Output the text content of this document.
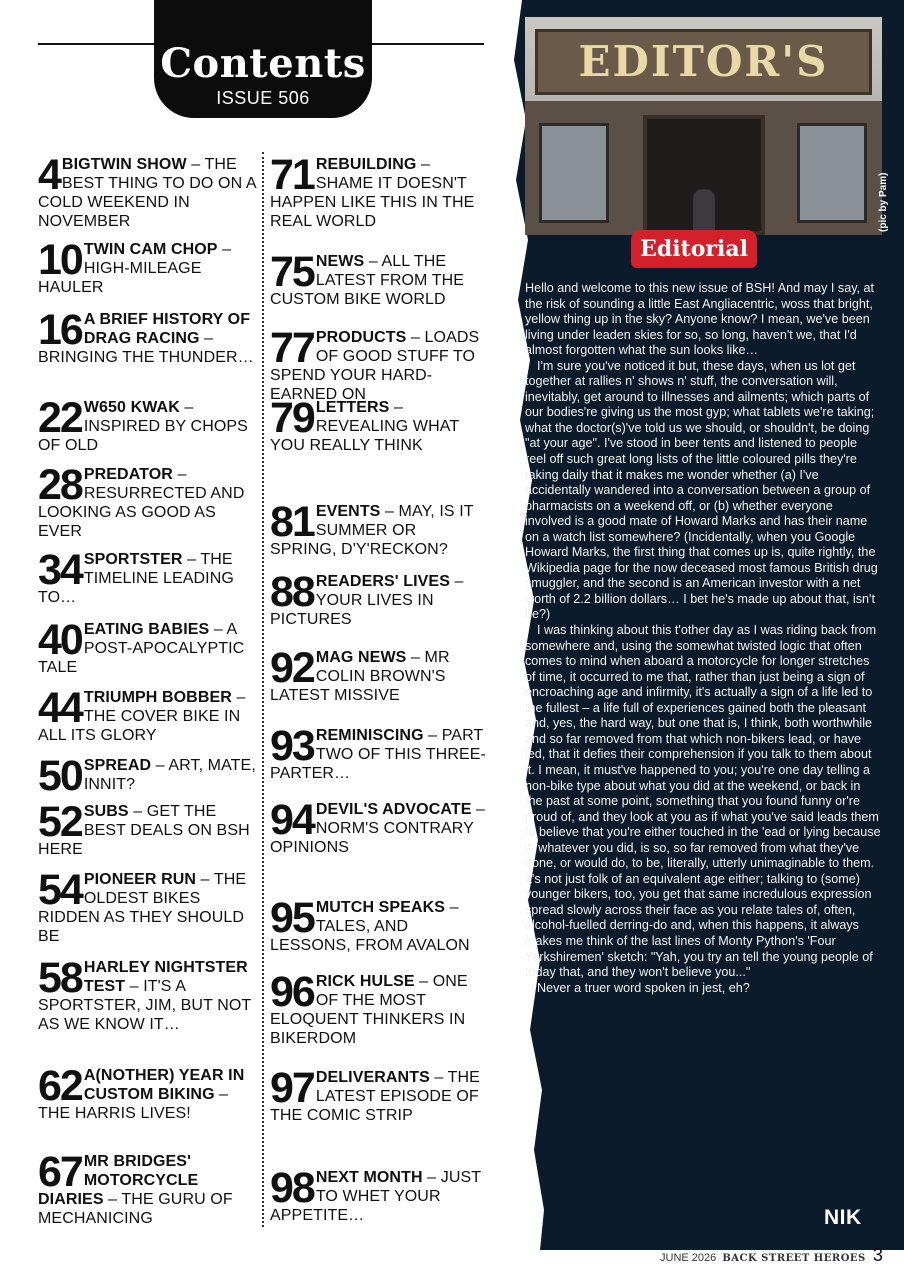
Contents
ISSUE 506
4 BIGTWIN SHOW – THE BEST THING TO DO ON A COLD WEEKEND IN NOVEMBER
10 TWIN CAM CHOP – HIGH-MILEAGE HAULER
16 A BRIEF HISTORY OF DRAG RACING – BRINGING THE THUNDER…
22 W650 KWAK – INSPIRED BY CHOPS OF OLD
28 PREDATOR – RESURRECTED AND LOOKING AS GOOD AS EVER
34 SPORTSTER – THE TIMELINE LEADING TO…
40 EATING BABIES – A POST-APOCALYPTIC TALE
44 TRIUMPH BOBBER – THE COVER BIKE IN ALL ITS GLORY
50 SPREAD – ART, MATE, INNIT?
52 SUBS – GET THE BEST DEALS ON BSH HERE
54 PIONEER RUN – THE OLDEST BIKES RIDDEN AS THEY SHOULD BE
58 HARLEY NIGHTSTER TEST – IT'S A SPORTSTER, JIM, BUT NOT AS WE KNOW IT…
62 A(NOTHER) YEAR IN CUSTOM BIKING – THE HARRIS LIVES!
67 MR BRIDGES' MOTORCYCLE DIARIES – THE GURU OF MECHANICING
71 REBUILDING – SHAME IT DOESN'T HAPPEN LIKE THIS IN THE REAL WORLD
75 NEWS – ALL THE LATEST FROM THE CUSTOM BIKE WORLD
77 PRODUCTS – LOADS OF GOOD STUFF TO SPEND YOUR HARD-EARNED ON
79 LETTERS – REVEALING WHAT YOU REALLY THINK
81 EVENTS – MAY, IS IT SUMMER OR SPRING, D'Y'RECKON?
88 READERS' LIVES – YOUR LIVES IN PICTURES
92 MAG NEWS – MR COLIN BROWN'S LATEST MISSIVE
93 REMINISCING – PART TWO OF THIS THREE-PARTER…
94 DEVIL'S ADVOCATE – NORM'S CONTRARY OPINIONS
95 MUTCH SPEAKS – TALES, AND LESSONS, FROM AVALON
96 RICK HULSE – ONE OF THE MOST ELOQUENT THINKERS IN BIKERDOM
97 DELIVERANTS – THE LATEST EPISODE OF THE COMIC STRIP
98 NEXT MONTH – JUST TO WHET YOUR APPETITE…
EDITOR'S
(pic by Pam)
Editorial

Hello and welcome to this new issue of BSH! And may I say, at the risk of sounding a little East Angliacentric, woss that bright, yellow thing up in the sky? Anyone know? I mean, we've been living under leaden skies for so, so long, haven't we, that I'd almost forgotten what the sun looks like…

I'm sure you've noticed it but, these days, when us lot get together at rallies n' shows n' stuff, the conversation will, inevitably, get around to illnesses and ailments; which parts of our bodies're giving us the most gyp; what tablets we're taking; what the doctor(s)'ve told us we should, or shouldn't, be doing "at your age". I've stood in beer tents and listened to people reel off such great long lists of the little coloured pills they're taking daily that it makes me wonder whether (a) I've accidentally wandered into a conversation between a group of pharmacists on a weekend off, or (b) whether everyone involved is a good mate of Howard Marks and has their name on a watch list somewhere? (Incidentally, when you Google Howard Marks, the first thing that comes up is, quite rightly, the Wikipedia page for the now deceased most famous British drug smuggler, and the second is an American investor with a net worth of 2.2 billion dollars… I bet he's made up about that, isn't he?)

I was thinking about this t'other day as I was riding back from somewhere and, using the somewhat twisted logic that often comes to mind when aboard a motorcycle for longer stretches of time, it occurred to me that, rather than just being a sign of encroaching age and infirmity, it's actually a sign of a life led to the fullest – a life full of experiences gained both the pleasant and, yes, the hard way, but one that is, I think, both worthwhile and so far removed from that which non-bikers lead, or have led, that it defies their comprehension if you talk to them about it. I mean, it must've happened to you; you're one day telling a non-bike type about what you did at the weekend, or back in the past at some point, something that you found funny or're proud of, and they look at you as if what you've said leads them to believe that you're either touched in the 'ead or lying because it, whatever you did, is so, so far removed from what they've done, or would do, to be, literally, utterly unimaginable to them. It's not just folk of an equivalent age either; talking to (some) younger bikers, too, you get that same incredulous expression spread slowly across their face as you relate tales of, often, alcohol-fuelled derring-do and, when this happens, it always makes me think of the last lines of Monty Python's 'Four Yorkshiremen' sketch: "Yah, you try an tell the young people of today that, and they won't believe you..."

Never a truer word spoken in jest, eh?

NIK
JUNE 2026 BACK STREET HEROES 3
